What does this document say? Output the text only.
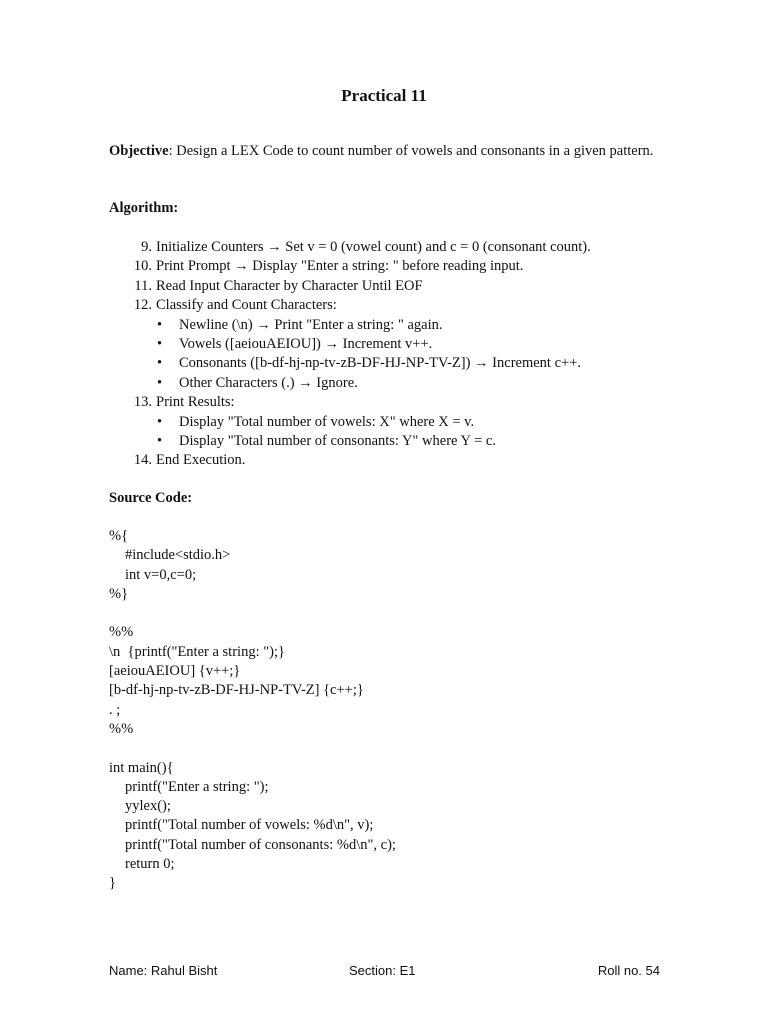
Practical 11
Objective: Design a LEX Code to count number of vowels and consonants in a given pattern.
Algorithm:
9. Initialize Counters → Set v = 0 (vowel count) and c = 0 (consonant count).
10. Print Prompt → Display "Enter a string: " before reading input.
11. Read Input Character by Character Until EOF
12. Classify and Count Characters:
• Newline (\n) → Print "Enter a string: " again.
• Vowels ([aeiouAEIOU]) → Increment v++.
• Consonants ([b-df-hj-np-tv-zB-DF-HJ-NP-TV-Z]) → Increment c++.
• Other Characters (.) → Ignore.
13. Print Results:
• Display "Total number of vowels: X" where X = v.
• Display "Total number of consonants: Y" where Y = c.
14. End Execution.
Source Code:
%{
#include<stdio.h>
int v=0,c=0;
%}
%%
\n  {printf("Enter a string: ");}
[aeiouAEIOU] {v++;}
[b-df-hj-np-tv-zB-DF-HJ-NP-TV-Z] {c++;}
. ;
%%
int main(){
printf("Enter a string: ");
yylex();
printf("Total number of vowels: %d\n", v);
printf("Total number of consonants: %d\n", c);
return 0;
}
Name: Rahul Bisht	Section: E1	Roll no. 54
